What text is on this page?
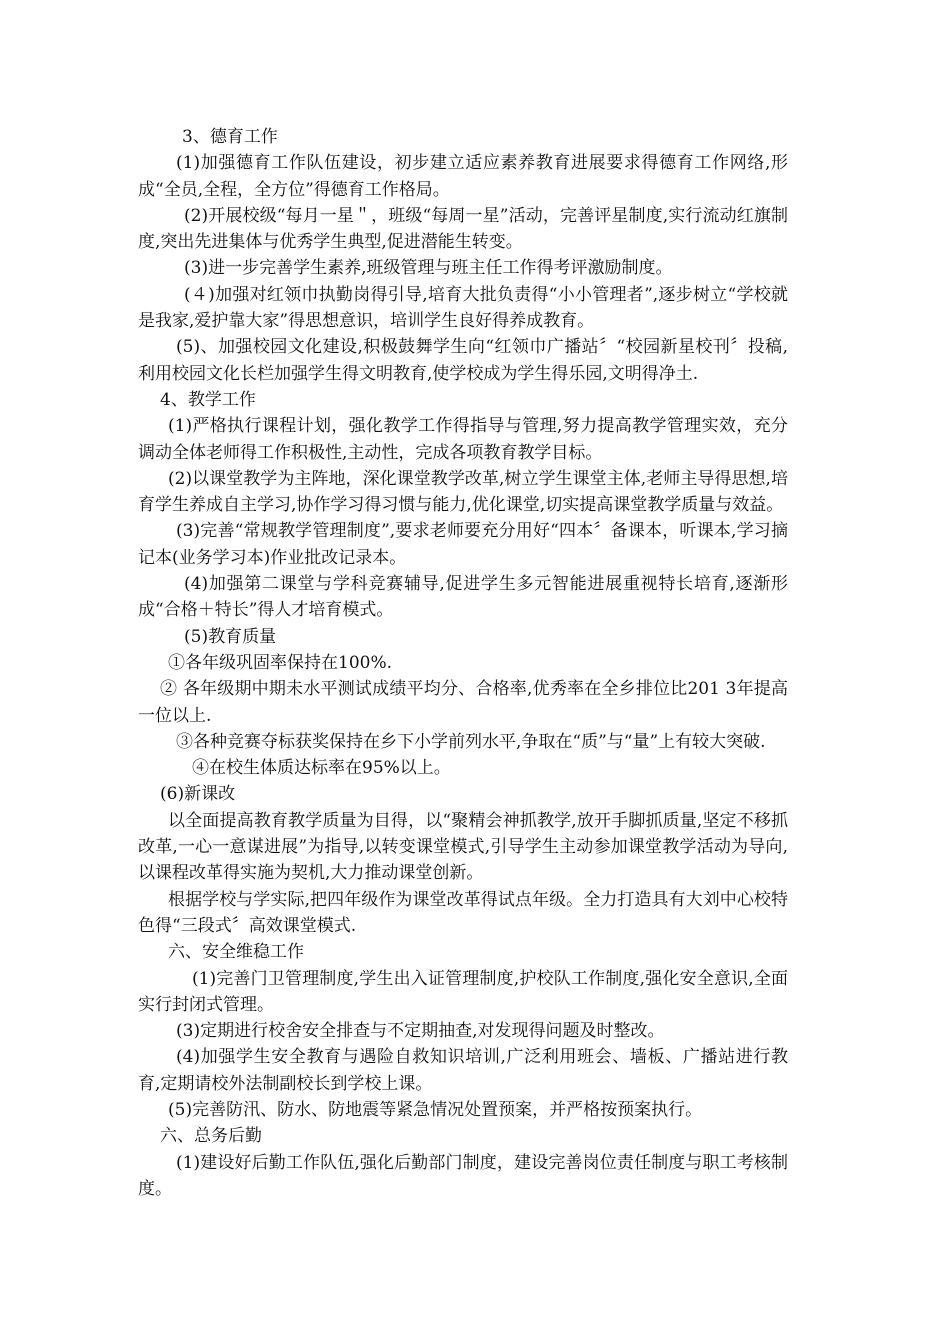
3、德育工作

(1)加强德育工作队伍建设，初步建立适应素养教育进展要求得德育工作网络,形成“全员,全程，全方位”得德育工作格局。

(2)开展校级“每月一星＂，班级“每周一星”活动，完善评星制度,实行流动红旗制度,突出先进集体与优秀学生典型,促进潜能生转变。

(3)进一步完善学生素养,班级管理与班主任工作得考评激励制度。

(４)加强对红领巾执勤岗得引导,培育大批负责得“小小管理者”,逐步树立“学校就是我家,爱护靠大家”得思想意识，培训学生良好得养成教育。

(5)、加强校园文化建设,积极鼓舞学生向“红领巾广播站〞“校园新星校刊〞投稿,利用校园文化长栏加强学生得文明教育,使学校成为学生得乐园,文明得净土.

4、教学工作

(1)严格执行课程计划，强化教学工作得指导与管理,努力提高教学管理实效，充分调动全体老师得工作积极性,主动性，完成各项教育教学目标。

(2)以课堂教学为主阵地，深化课堂教学改革,树立学生课堂主体,老师主导得思想,培育学生养成自主学习,协作学习得习惯与能力,优化课堂,切实提高课堂教学质量与效益。

(3)完善“常规教学管理制度”,要求老师要充分用好“四本〞备课本，听课本,学习摘记本(业务学习本)作业批改记录本。

(4)加强第二课堂与学科竞赛辅导,促进学生多元智能进展重视特长培育,逐渐形成“合格＋特长”得人才培育模式。

(5)教育质量

①各年级巩固率保持在100%.

② 各年级期中期未水平测试成绩平均分、合格率,优秀率在全乡排位比201 3年提高一位以上.

③各种竞赛夺标获奖保持在乡下小学前列水平,争取在“质”与“量”上有较大突破.

④在校生体质达标率在95%以上。

(6)新课改

以全面提高教育教学质量为目得，以“聚精会神抓教学,放开手脚抓质量,坚定不移抓改革,一心一意谋进展”为指导,以转变课堂模式,引导学生主动参加课堂教学活动为导向,以课程改革得实施为契机,大力推动课堂创新。

根据学校与学实际,把四年级作为课堂改革得试点年级。全力打造具有大刘中心校特色得“三段式〞高效课堂模式.

六、安全维稳工作

(1)完善门卫管理制度,学生出入证管理制度,护校队工作制度,强化安全意识,全面实行封闭式管理。

(3)定期进行校舍安全排查与不定期抽查,对发现得问题及时整改。

(4)加强学生安全教育与遇险自救知识培训,广泛利用班会、墙板、广播站进行教育,定期请校外法制副校长到学校上课。

(5)完善防汛、防水、防地震等紧急情况处置预案，并严格按预案执行。

六、总务后勤

(1)建设好后勤工作队伍,强化后勤部门制度，建设完善岗位责任制度与职工考核制度。
